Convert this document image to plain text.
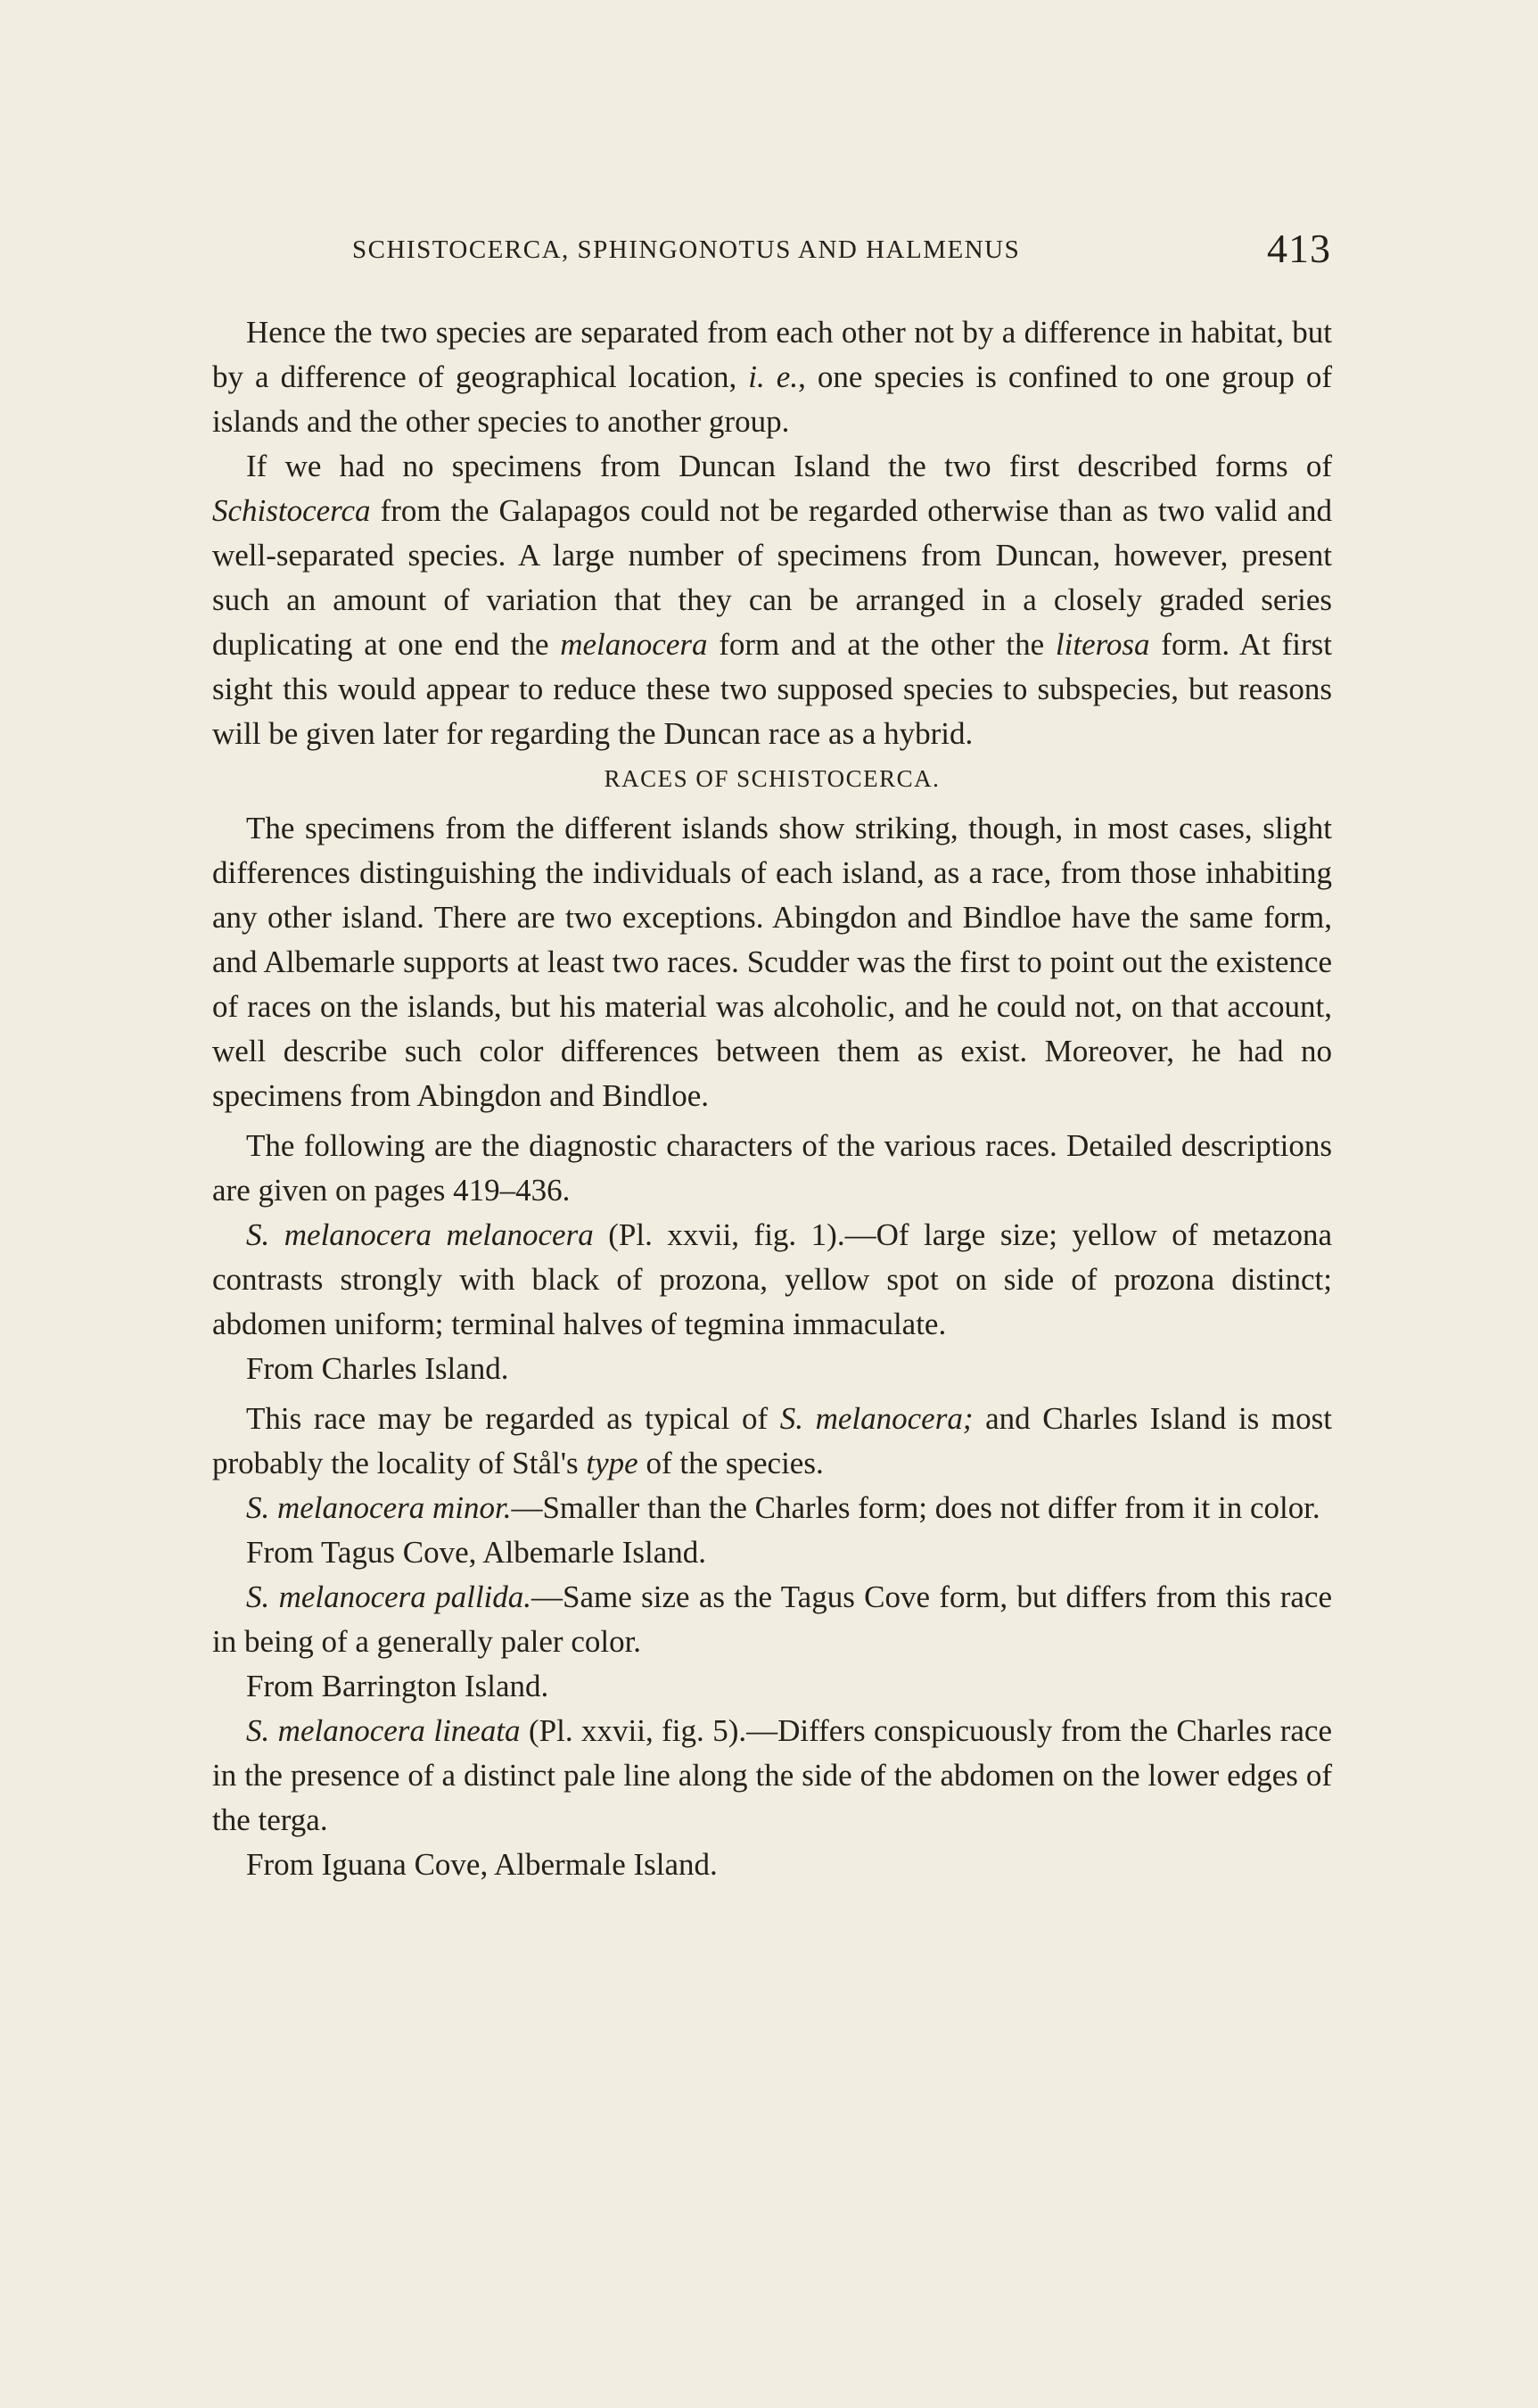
SCHISTOCERCA, SPHINGONOTUS AND HALMENUS	413

Hence the two species are separated from each other not by a difference in habitat, but by a difference of geographical location, i. e., one species is confined to one group of islands and the other species to another group.

If we had no specimens from Duncan Island the two first described forms of Schistocerca from the Galapagos could not be regarded otherwise than as two valid and well-separated species. A large number of specimens from Duncan, however, present such an amount of variation that they can be arranged in a closely graded series duplicating at one end the melanocera form and at the other the literosa form. At first sight this would appear to reduce these two supposed species to subspecies, but reasons will be given later for regarding the Duncan race as a hybrid.

RACES OF SCHISTOCERCA.

The specimens from the different islands show striking, though, in most cases, slight differences distinguishing the individuals of each island, as a race, from those inhabiting any other island. There are two exceptions. Abingdon and Bindloe have the same form, and Albemarle supports at least two races. Scudder was the first to point out the existence of races on the islands, but his material was alcoholic, and he could not, on that account, well describe such color differences between them as exist. Moreover, he had no specimens from Abingdon and Bindloe.

The following are the diagnostic characters of the various races. Detailed descriptions are given on pages 419–436.

S. melanocera melanocera (Pl. xxvii, fig. 1).—Of large size; yellow of metazona contrasts strongly with black of prozona, yellow spot on side of prozona distinct; abdomen uniform; terminal halves of tegmina immaculate.

From Charles Island.

This race may be regarded as typical of S. melanocera; and Charles Island is most probably the locality of Stål's type of the species.

S. melanocera minor.—Smaller than the Charles form; does not differ from it in color.

From Tagus Cove, Albemarle Island.

S. melanocera pallida.—Same size as the Tagus Cove form, but differs from this race in being of a generally paler color.

From Barrington Island.

S. melanocera lineata (Pl. xxvii, fig. 5).—Differs conspicuously from the Charles race in the presence of a distinct pale line along the side of the abdomen on the lower edges of the terga.

From Iguana Cove, Albermale Island.
